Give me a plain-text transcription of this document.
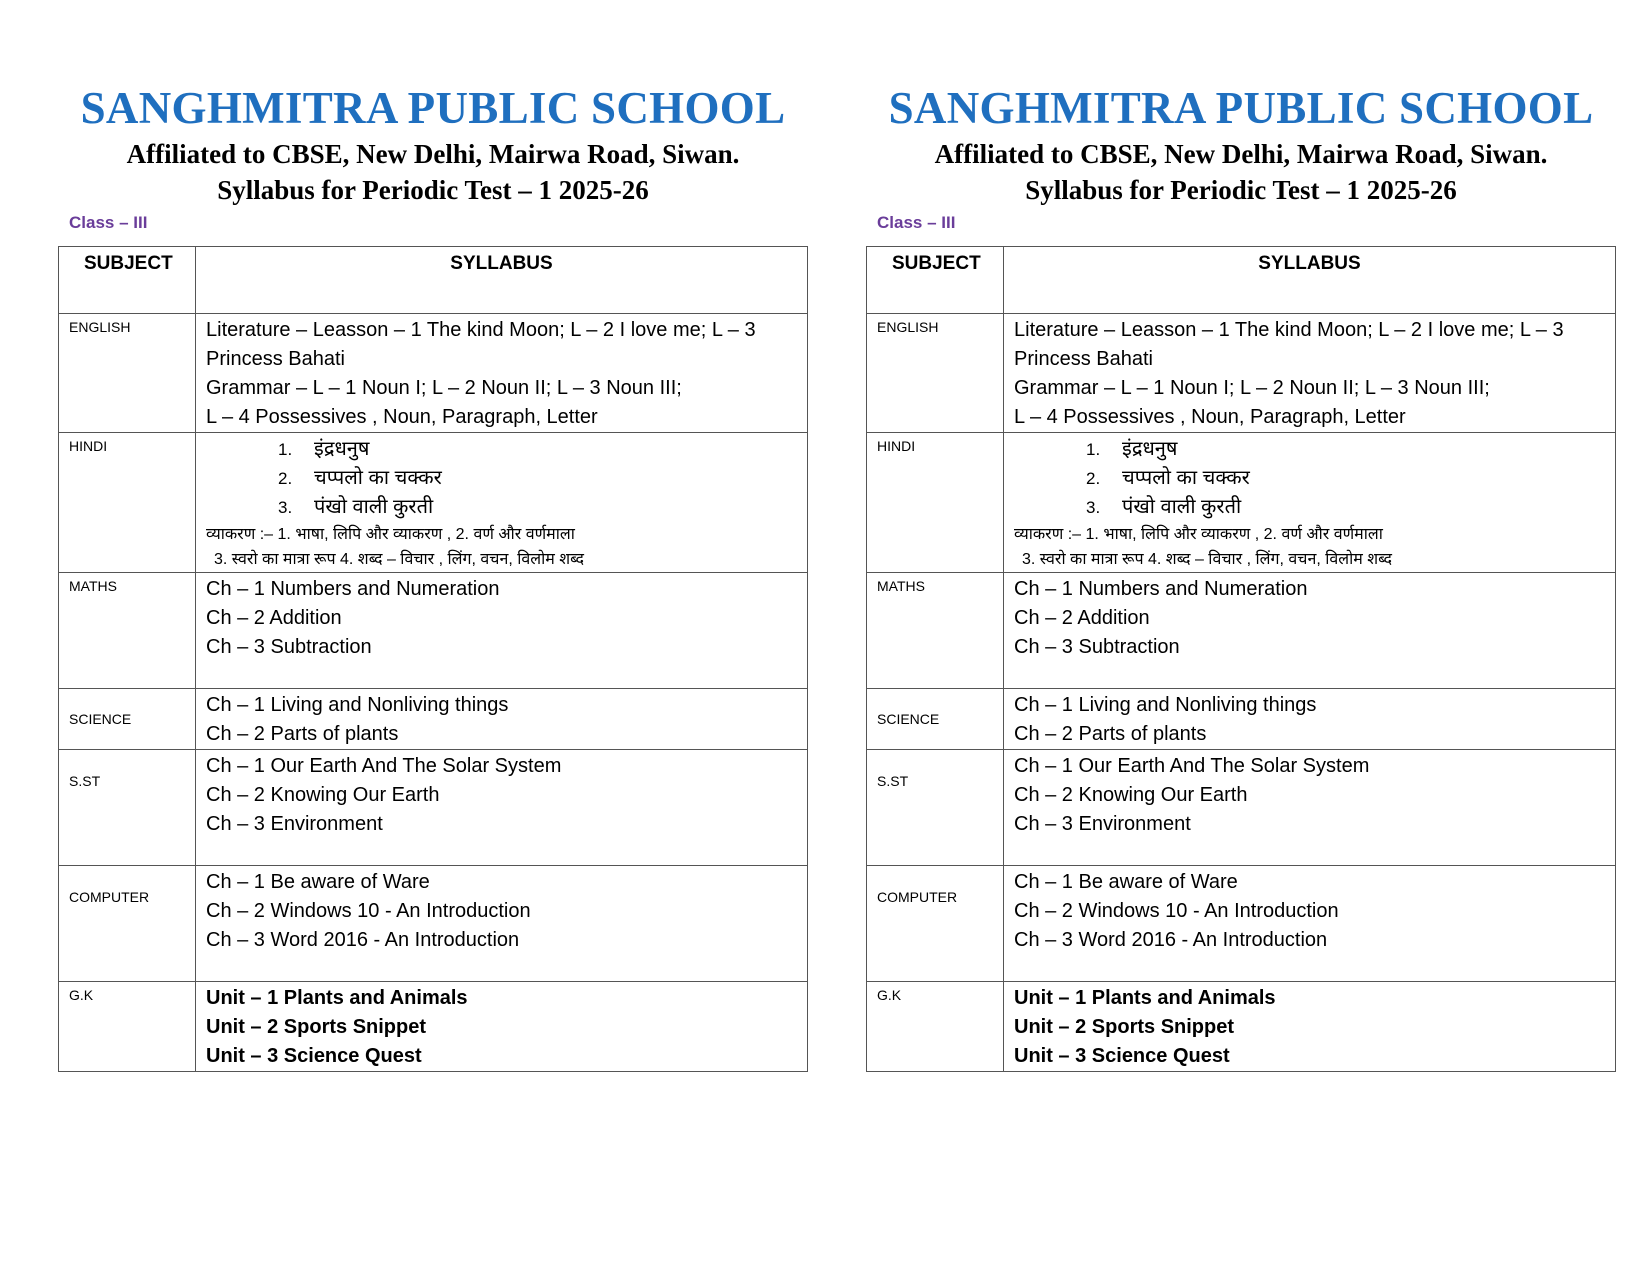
SANGHMITRA PUBLIC SCHOOL
Affiliated to CBSE, New Delhi, Mairwa Road, Siwan.
Syllabus for Periodic Test – 1 2025-26
Class – III
SUBJECT	SYLLABUS
ENGLISH	Literature – Leasson – 1 The kind Moon; L – 2 I love me; L – 3
Princess Bahati
Grammar – L – 1 Noun I; L – 2 Noun II; L – 3 Noun III;
L – 4 Possessives , Noun, Paragraph, Letter

HINDI	1. इंद्रधनुष
2. चप्पलो का चक्कर
3. पंखो वाली कुरती
व्याकरण :– 1. भाषा, लिपि और व्याकरण , 2. वर्ण और वर्णमाला
3. स्वरो का मात्रा रूप 4. शब्द – विचार , लिंग, वचन, विलोम शब्द

MATHS	Ch – 1 Numbers and Numeration
Ch – 2 Addition
Ch – 3 Subtraction

SCIENCE	Ch – 1 Living and Nonliving things
Ch – 2 Parts of plants

S.ST	Ch – 1 Our Earth And The Solar System
Ch – 2 Knowing Our Earth
Ch – 3 Environment

COMPUTER	Ch – 1 Be aware of Ware
Ch – 2 Windows 10 - An Introduction
Ch – 3 Word 2016 - An Introduction

G.K	Unit – 1 Plants and Animals
Unit – 2 Sports Snippet
Unit – 3 Science Quest
SANGHMITRA PUBLIC SCHOOL
Affiliated to CBSE, New Delhi, Mairwa Road, Siwan.
Syllabus for Periodic Test – 1 2025-26
Class – III
SUBJECT	SYLLABUS
ENGLISH	Literature – Leasson – 1 The kind Moon; L – 2 I love me; L – 3
Princess Bahati
Grammar – L – 1 Noun I; L – 2 Noun II; L – 3 Noun III;
L – 4 Possessives , Noun, Paragraph, Letter

HINDI	1. इंद्रधनुष
2. चप्पलो का चक्कर
3. पंखो वाली कुरती
व्याकरण :– 1. भाषा, लिपि और व्याकरण , 2. वर्ण और वर्णमाला
3. स्वरो का मात्रा रूप 4. शब्द – विचार , लिंग, वचन, विलोम शब्द

MATHS	Ch – 1 Numbers and Numeration
Ch – 2 Addition
Ch – 3 Subtraction

SCIENCE	Ch – 1 Living and Nonliving things
Ch – 2 Parts of plants

S.ST	Ch – 1 Our Earth And The Solar System
Ch – 2 Knowing Our Earth
Ch – 3 Environment

COMPUTER	Ch – 1 Be aware of Ware
Ch – 2 Windows 10 - An Introduction
Ch – 3 Word 2016 - An Introduction

G.K	Unit – 1 Plants and Animals
Unit – 2 Sports Snippet
Unit – 3 Science Quest
